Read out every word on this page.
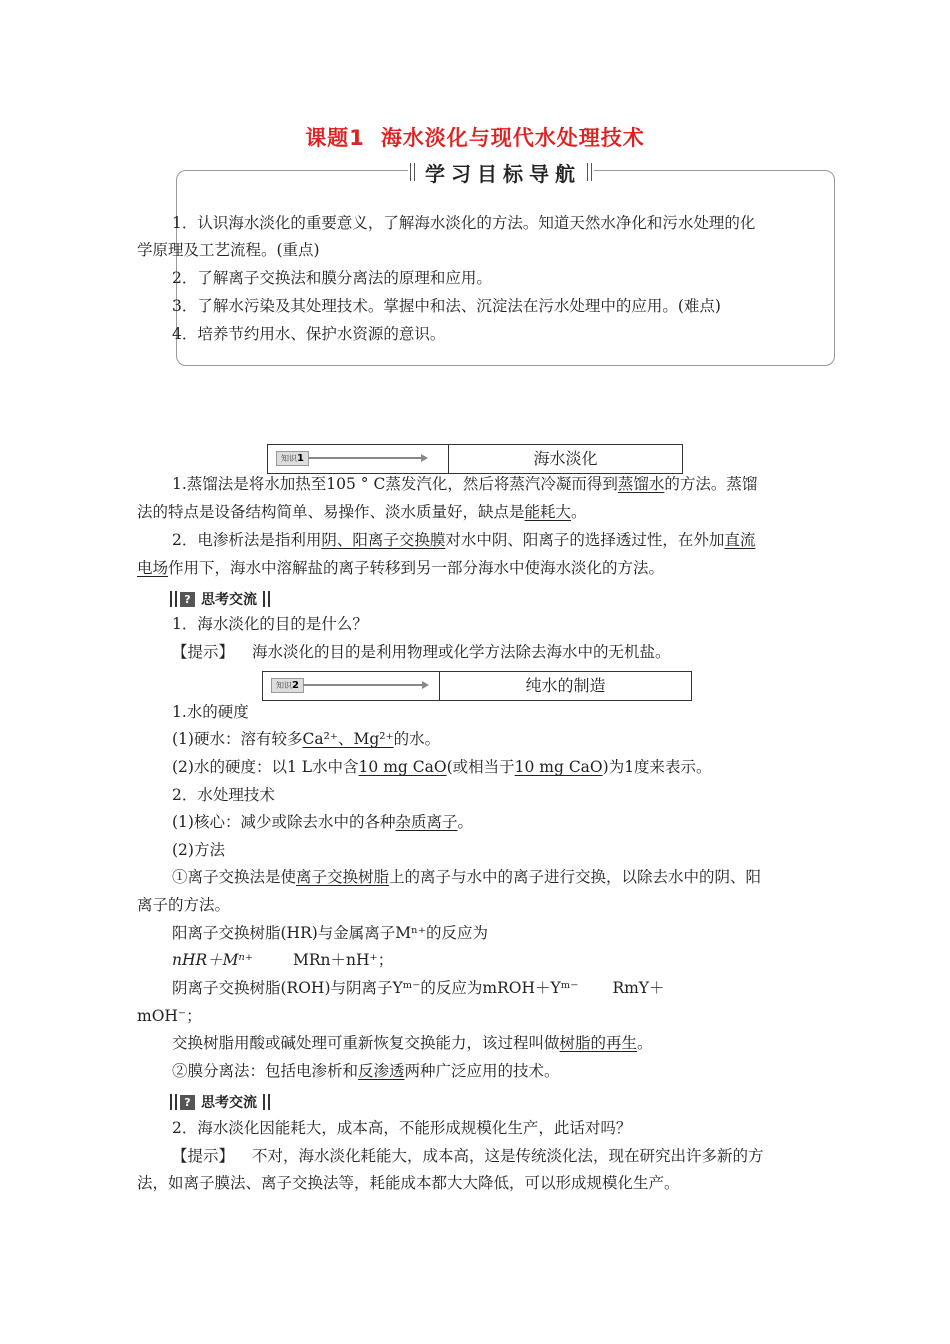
课题1 海水淡化与现代水处理技术
学习目标导航
1．认识海水淡化的重要意义，了解海水淡化的方法。知道天然水净化和污水处理的化
学原理及工艺流程。(重点)
2．了解离子交换法和膜分离法的原理和应用。
3．了解水污染及其处理技术。掌握中和法、沉淀法在污水处理中的应用。(难点)
4．培养节约用水、保护水资源的意识。
知识1	海水淡化
1.蒸馏法是将水加热至105 ° C蒸发汽化，然后将蒸汽冷凝而得到蒸馏水的方法。蒸馏
法的特点是设备结构简单、易操作、淡水质量好，缺点是能耗大。
2．电渗析法是指利用阴、阳离子交换膜对水中阴、阳离子的选择透过性，在外加直流
电场作用下，海水中溶解盐的离子转移到另一部分海水中使海水淡化的方法。
? 思考交流
1．海水淡化的目的是什么？
【提示】 海水淡化的目的是利用物理或化学方法除去海水中的无机盐。
知识2	纯水的制造
1.水的硬度
(1)硬水：溶有较多Ca²⁺、Mg²⁺的水。
(2)水的硬度：以1 L水中含10 mg CaO(或相当于10 mg CaO)为1度来表示。
2．水处理技术
(1)核心：减少或除去水中的各种杂质离子。
(2)方法
①离子交换法是使离子交换树脂上的离子与水中的离子进行交换，以除去水中的阴、阳
离子的方法。
阳离子交换树脂(HR)与金属离子Mⁿ⁺的反应为
nHR＋Mⁿ⁺	MRn＋nH⁺；
阴离子交换树脂(ROH)与阴离子Yᵐ⁻的反应为mROH＋Yᵐ⁻ RmY＋
mOH⁻；
交换树脂用酸或碱处理可重新恢复交换能力，该过程叫做树脂的再生。
②膜分离法：包括电渗析和反渗透两种广泛应用的技术。
? 思考交流
2．海水淡化因能耗大，成本高，不能形成规模化生产，此话对吗？
【提示】 不对，海水淡化耗能大，成本高，这是传统淡化法，现在研究出许多新的方
法，如离子膜法、离子交换法等，耗能成本都大大降低，可以形成规模化生产。
